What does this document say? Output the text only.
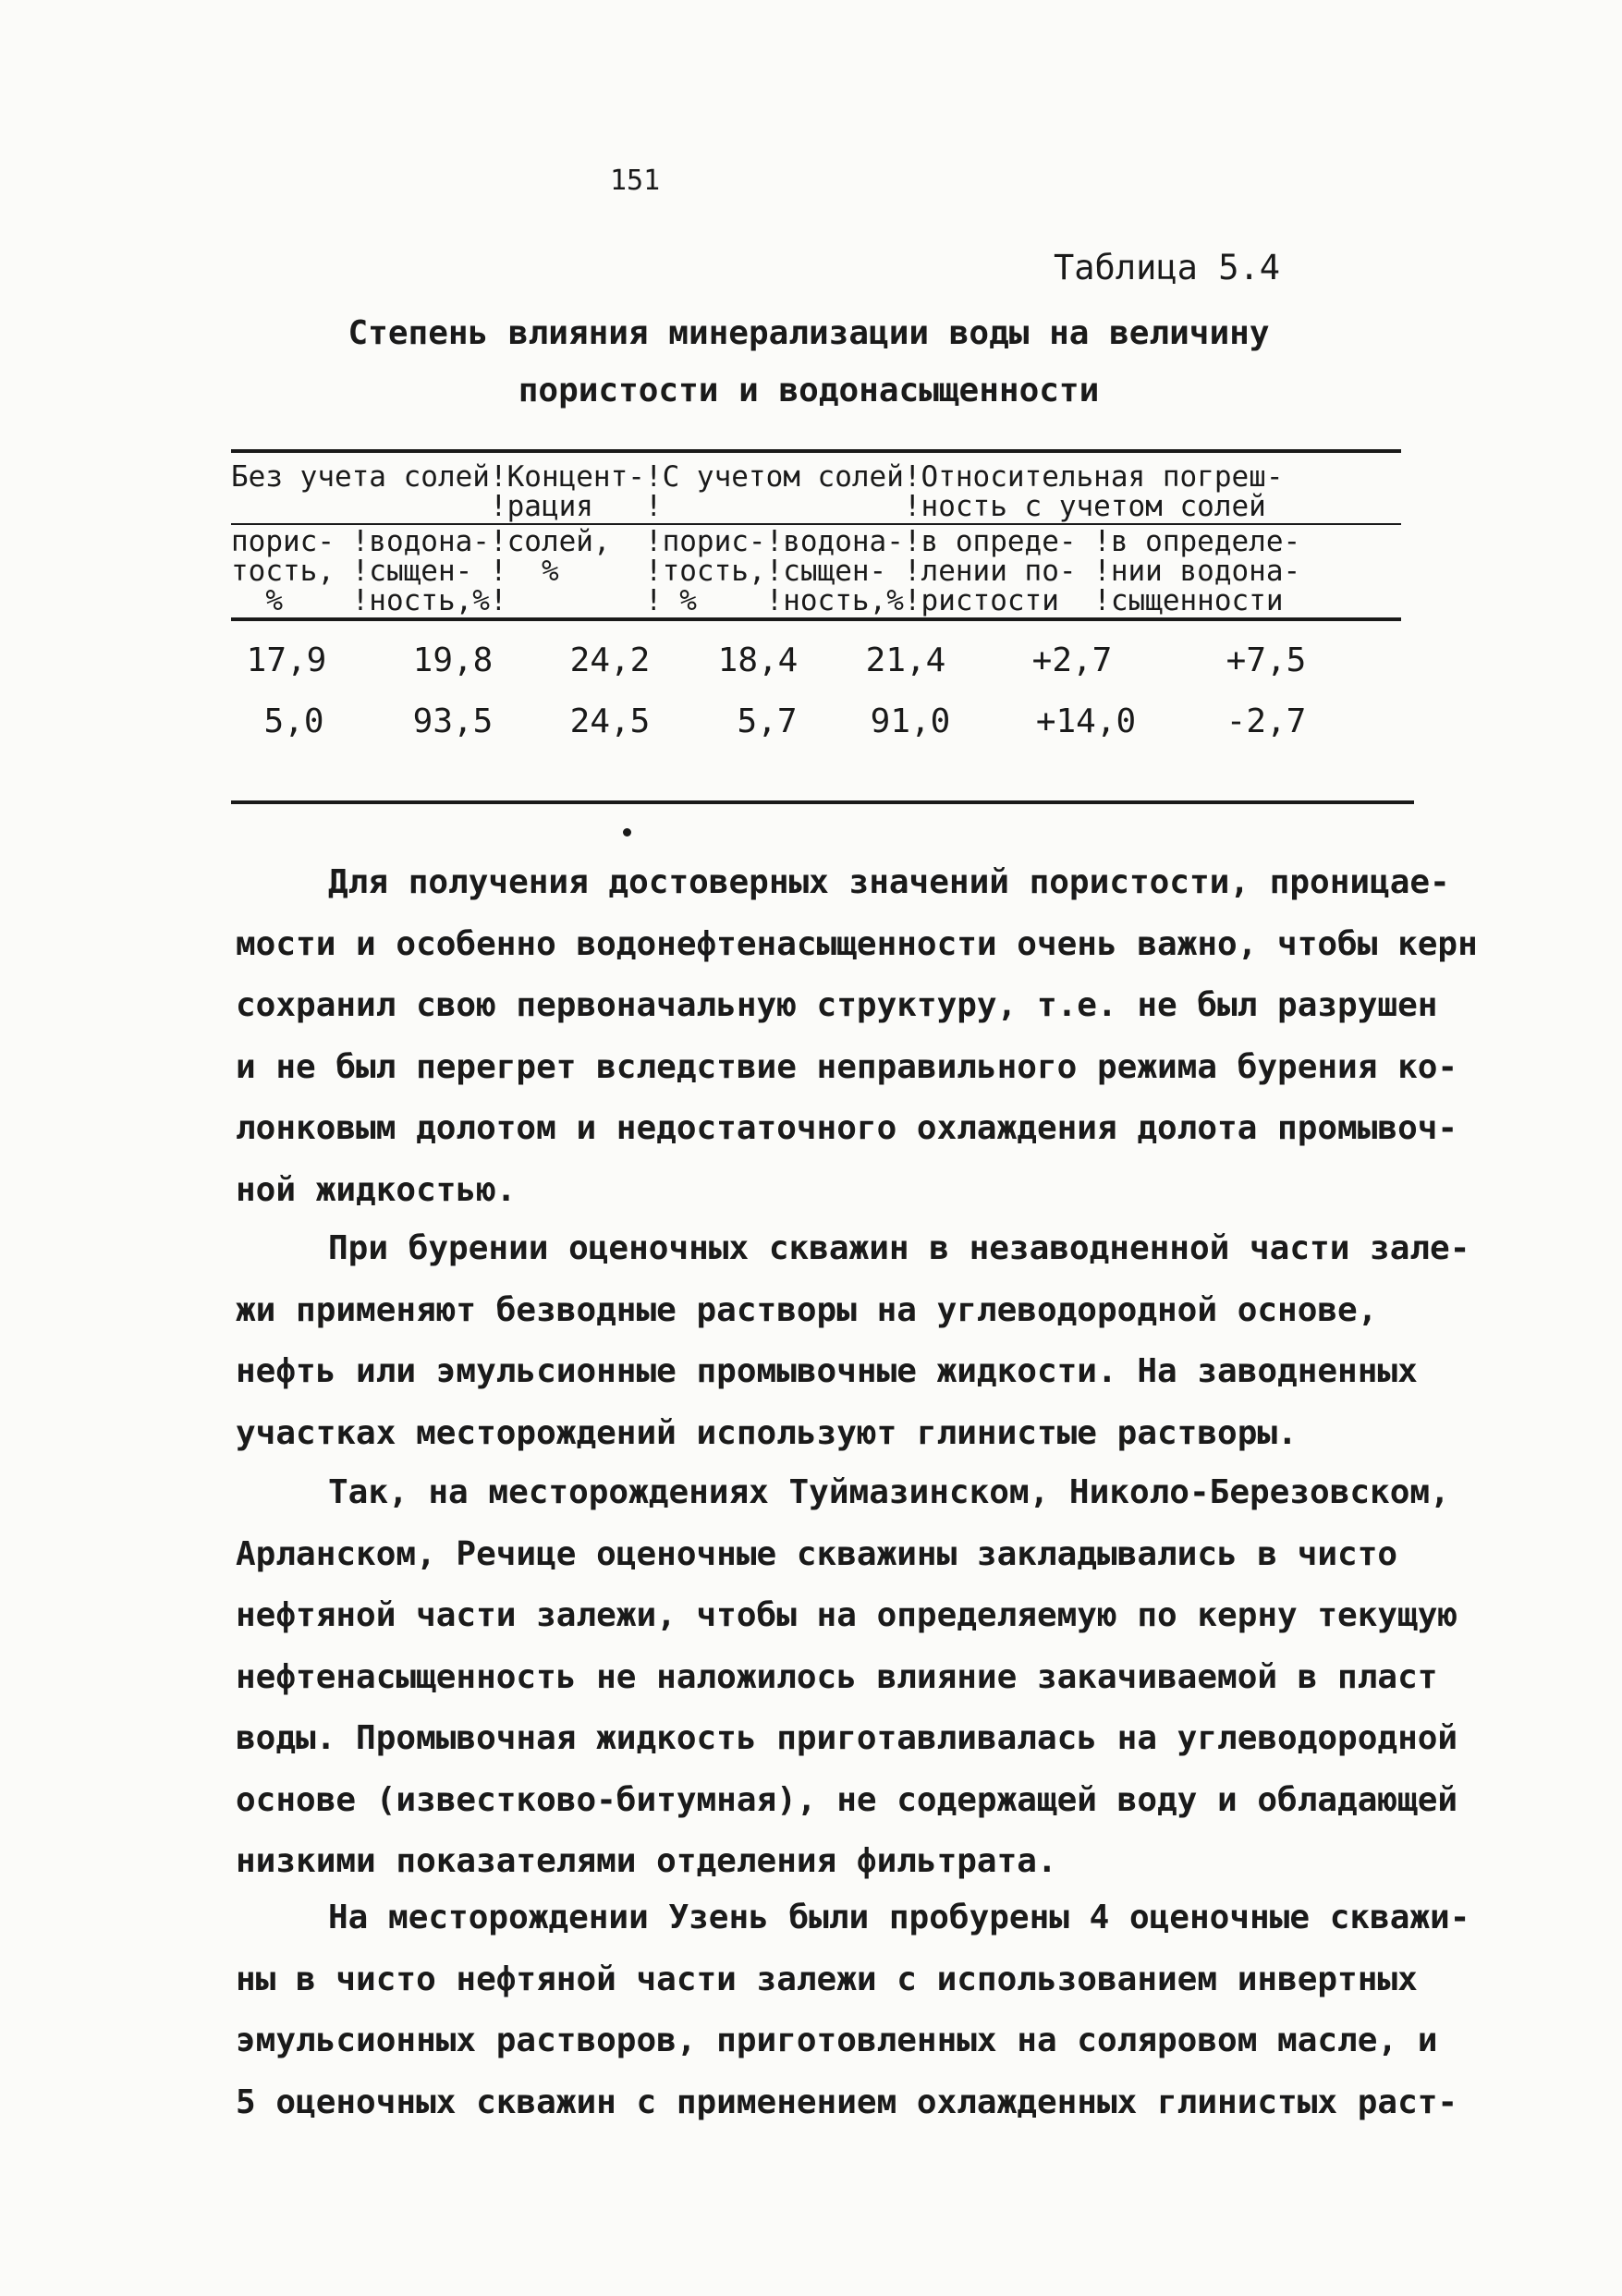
151
Таблица 5.4
Степень влияния минерализации воды на величину
пористости и водонасыщенности
Без учета солей!Концент-!С учетом солей!Относительная погреш-
!рация   !              !ность с учетом солей
порис- !водона-!солей,  !порис-!водона-!в опреде- !в определе-
тость, !сыщен- !  %     !тость,!сыщен- !лении по- !нии водона-
%    !ность,%!        ! %    !ность,%!ристости  !сыщенности
17,9	19,8	24,2	18,4	21,4	+2,7	+7,5
5,0	93,5	24,5	5,7	91,0	+14,0	-2,7
Для получения достоверных значений пористости, проницае-
мости и особенно водонефтенасыщенности очень важно, чтобы керн
сохранил свою первоначальную структуру, т.е. не был разрушен
и не был перегрет вследствие неправильного режима бурения ко-
лонковым долотом и недостаточного охлаждения долота промывоч-
ной жидкостью.
При бурении оценочных скважин в незаводненной части зале-
жи применяют безводные растворы на углеводородной основе,
нефть или эмульсионные промывочные жидкости. На заводненных
участках месторождений используют глинистые растворы.
Так, на месторождениях Туймазинском, Николо-Березовском,
Арланском, Речице оценочные скважины закладывались в чисто
нефтяной части залежи, чтобы на определяемую по керну текущую
нефтенасыщенность не наложилось влияние закачиваемой в пласт
воды. Промывочная жидкость приготавливалась на углеводородной
основе (известково-битумная), не содержащей воду и обладающей
низкими показателями отделения фильтрата.
На месторождении Узень были пробурены 4 оценочные скважи-
ны в чисто нефтяной части залежи с использованием инвертных
эмульсионных растворов, приготовленных на соляровом масле, и
5 оценочных скважин с применением охлажденных глинистых раст-
